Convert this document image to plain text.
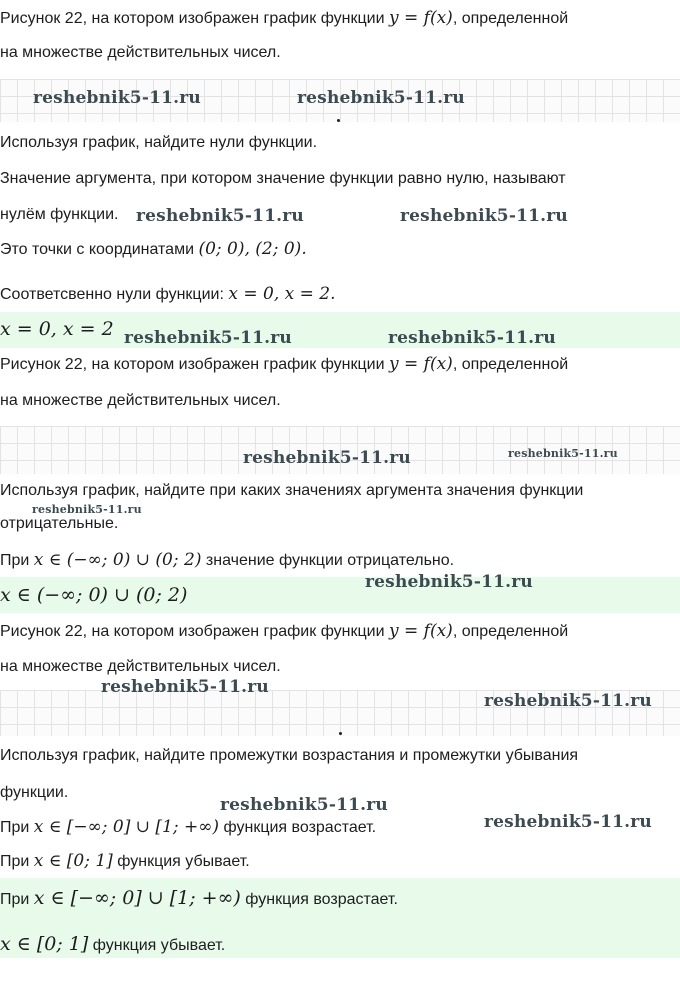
Рисунок 22, на котором изображен график функции y = f(x), определенной
на множестве действительных чисел.
Используя график, найдите нули функции.
Значение аргумента, при котором значение функции равно нулю, называют
нулём функции.
Это точки с координатами (0; 0), (2; 0).
Соответсвенно нули функции: x = 0, x = 2.
x = 0, x = 2
Рисунок 22, на котором изображен график функции y = f(x), определенной
на множестве действительных чисел.
Используя график, найдите при каких значениях аргумента значения функции
отрицательные.
При x ∈ (−∞; 0) ∪ (0; 2) значение функции отрицательно.
x ∈ (−∞; 0) ∪ (0; 2)
Рисунок 22, на котором изображен график функции y = f(x), определенной
на множестве действительных чисел.
Используя график, найдите промежутки возрастания и промежутки убывания
функции.
При x ∈ [−∞; 0] ∪ [1; +∞) функция возрастает.
При x ∈ [0; 1] функция убывает.
При x ∈ [−∞; 0] ∪ [1; +∞) функция возрастает.
x ∈ [0; 1] функция убывает.
reshebnik5-11.ru	reshebnik5-11.ru
reshebnik5-11.ru	reshebnik5-11.ru
reshebnik5-11.ru	reshebnik5-11.ru
reshebnik5-11.ru	reshebnik5-11.ru
reshebnik5-11.ru
reshebnik5-11.ru
reshebnik5-11.ru
reshebnik5-11.ru
reshebnik5-11.ru
reshebnik5-11.ru
